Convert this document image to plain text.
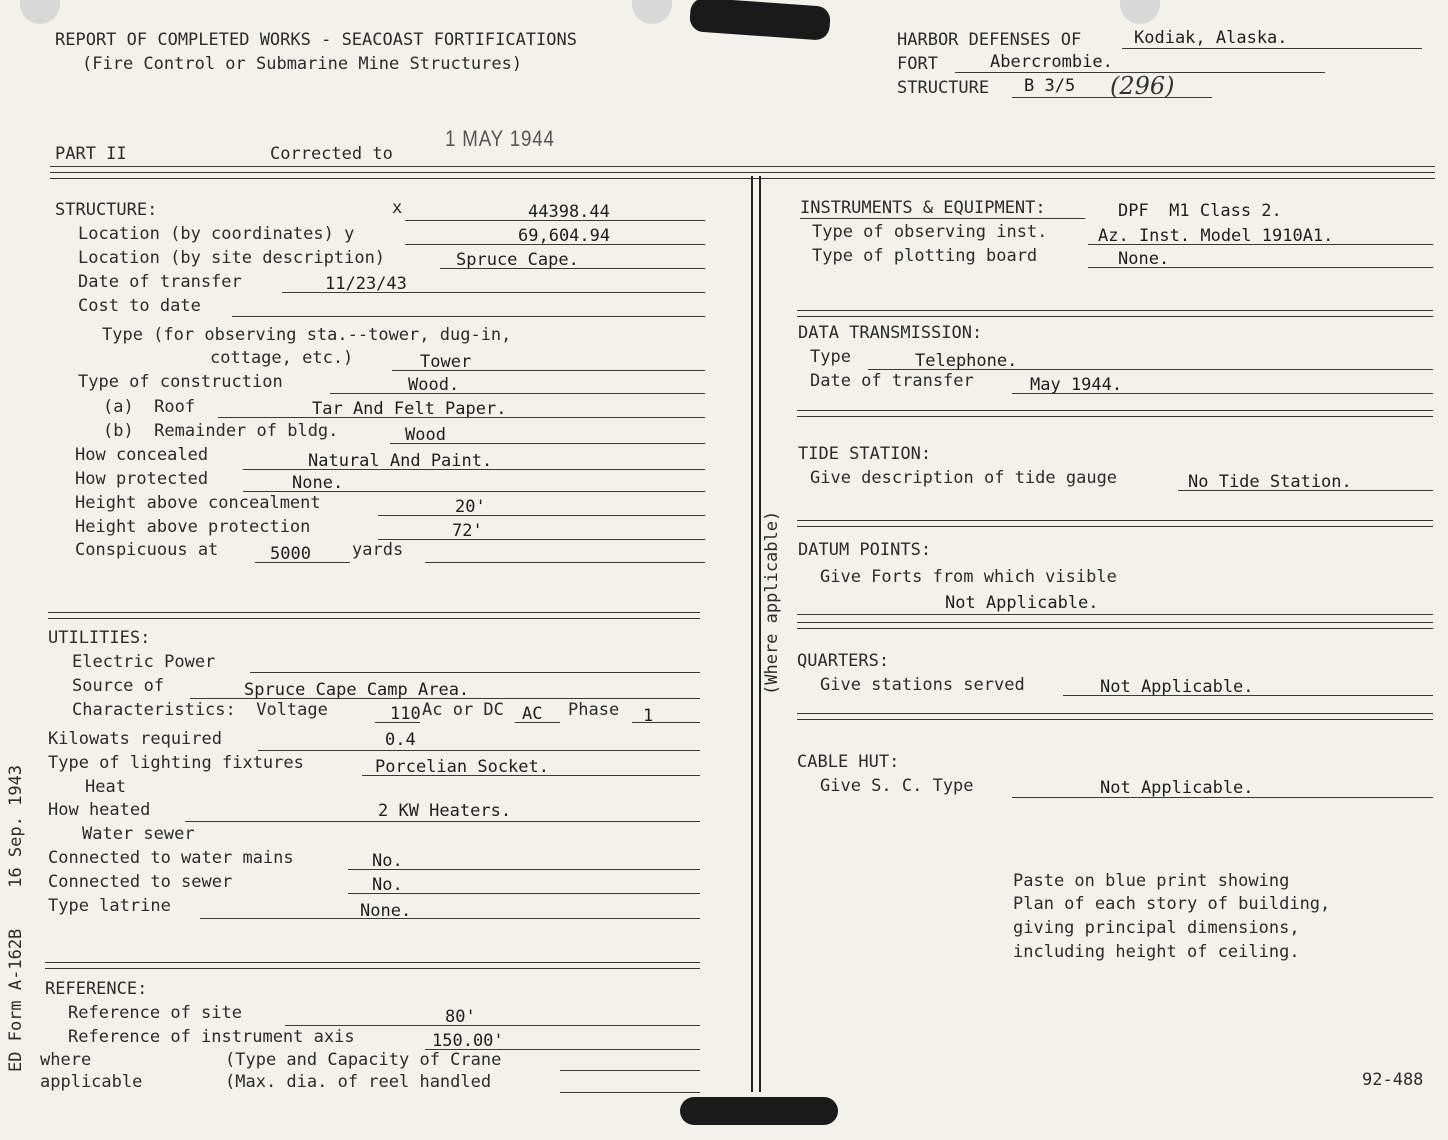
REPORT OF COMPLETED WORKS - SEACOAST FORTIFICATIONS
(Fire Control or Submarine Mine Structures)
HARBOR DEFENSES OF	Kodiak, Alaska.
FORT	Abercrombie.
STRUCTURE B 3/5 (296)
PART II	Corrected to
1 MAY 1944
(Where applicable)
STRUCTURE:	x	44398.44
Location (by coordinates) y	69,604.94
Location (by site description)	Spruce Cape.
Date of transfer	11/23/43
Cost to date
Type (for observing sta.--tower, dug-in,
cottage, etc.)	Tower
Type of construction	Wood.
(a)  Roof	Tar And Felt Paper.
(b)  Remainder of bldg.	Wood
How concealed	Natural And Paint.
How protected	None.
Height above concealment	20'
Height above protection	72'
Conspicuous at	5000 yards
UTILITIES:
Electric Power
Source of	Spruce Cape Camp Area.
Characteristics:  Voltage	110 Ac or DC AC Phase 1
Kilowats required	0.4
Type of lighting fixtures	Porcelian Socket.
Heat
How heated	2 KW Heaters.
Water sewer
Connected to water mains	No.
Connected to sewer	No.
Type latrine	None.
REFERENCE:
Reference of site	80'
Reference of instrument axis	150.00'
where
applicable
(Type and Capacity of Crane
(Max. dia. of reel handled
ED Form A-162B    16 Sep. 1943
INSTRUMENTS & EQUIPMENT:	DPF  M1 Class 2.
Type of observing inst.	Az. Inst. Model 1910A1.
Type of plotting board	None.
DATA TRANSMISSION:
Type	Telephone.
Date of transfer	May 1944.
TIDE STATION:
Give description of tide gauge	No Tide Station.
DATUM POINTS:
Give Forts from which visible
Not Applicable.
QUARTERS:
Give stations served	Not Applicable.
CABLE HUT:
Give S. C. Type	Not Applicable.
Paste on blue print showing
Plan of each story of building,
giving principal dimensions,
including height of ceiling.
92-488
